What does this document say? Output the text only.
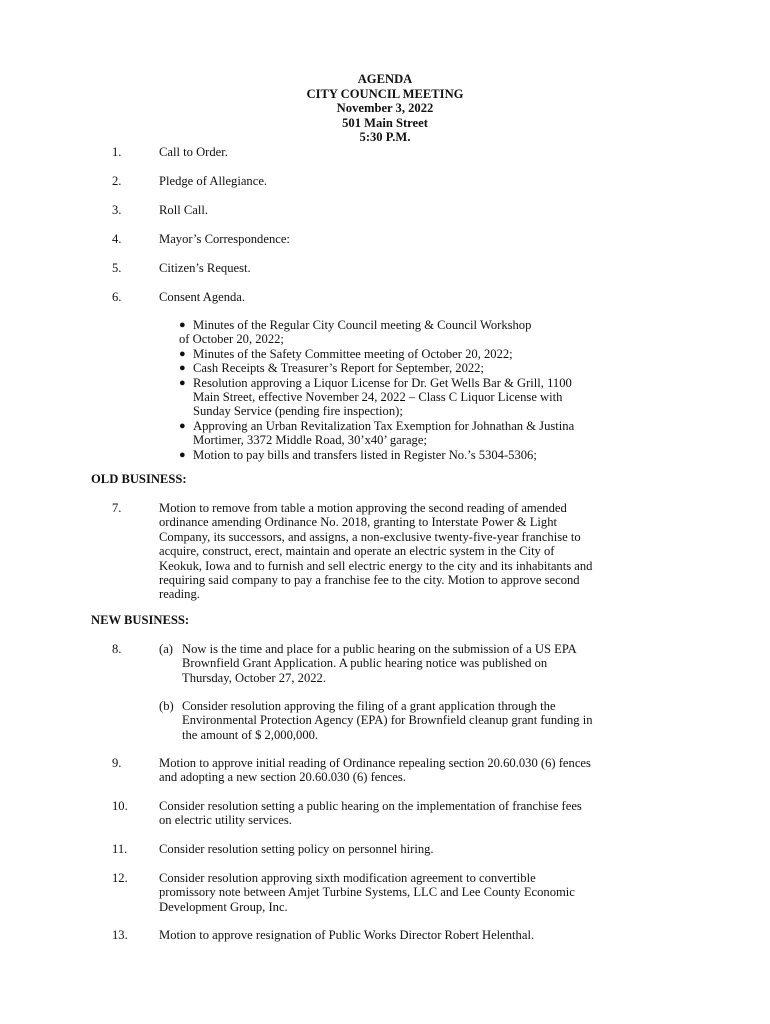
AGENDA
CITY COUNCIL MEETING
November 3, 2022
501 Main Street
5:30 P.M.
1.	Call to Order.
2.	Pledge of Allegiance.
3.	Roll Call.
4.	Mayor’s Correspondence:
5.	Citizen’s Request.
6.	Consent Agenda.
● Minutes of the Regular City Council meeting & Council Workshop
of October 20, 2022;
● Minutes of the Safety Committee meeting of October 20, 2022;
● Cash Receipts & Treasurer’s Report for September, 2022;
● Resolution approving a Liquor License for Dr. Get Wells Bar & Grill, 1100
Main Street, effective November 24, 2022 – Class C Liquor License with
Sunday Service (pending fire inspection);
● Approving an Urban Revitalization Tax Exemption for Johnathan & Justina
Mortimer, 3372 Middle Road, 30’x40’ garage;
● Motion to pay bills and transfers listed in Register No.’s 5304-5306;
OLD BUSINESS:
7.	Motion to remove from table a motion approving the second reading of amended
ordinance amending Ordinance No. 2018, granting to Interstate Power & Light
Company, its successors, and assigns, a non-exclusive twenty-five-year franchise to
acquire, construct, erect, maintain and operate an electric system in the City of
Keokuk, Iowa and to furnish and sell electric energy to the city and its inhabitants and
requiring said company to pay a franchise fee to the city. Motion to approve second
reading.
NEW BUSINESS:
8.	(a) Now is the time and place for a public hearing on the submission of a US EPA
Brownfield Grant Application. A public hearing notice was published on
Thursday, October 27, 2022.
(b) Consider resolution approving the filing of a grant application through the
Environmental Protection Agency (EPA) for Brownfield cleanup grant funding in
the amount of $ 2,000,000.
9.	Motion to approve initial reading of Ordinance repealing section 20.60.030 (6) fences
and adopting a new section 20.60.030 (6) fences.
10.	Consider resolution setting a public hearing on the implementation of franchise fees
on electric utility services.
11.	Consider resolution setting policy on personnel hiring.
12.	Consider resolution approving sixth modification agreement to convertible
promissory note between Amjet Turbine Systems, LLC and Lee County Economic
Development Group, Inc.
13.	Motion to approve resignation of Public Works Director Robert Helenthal.
